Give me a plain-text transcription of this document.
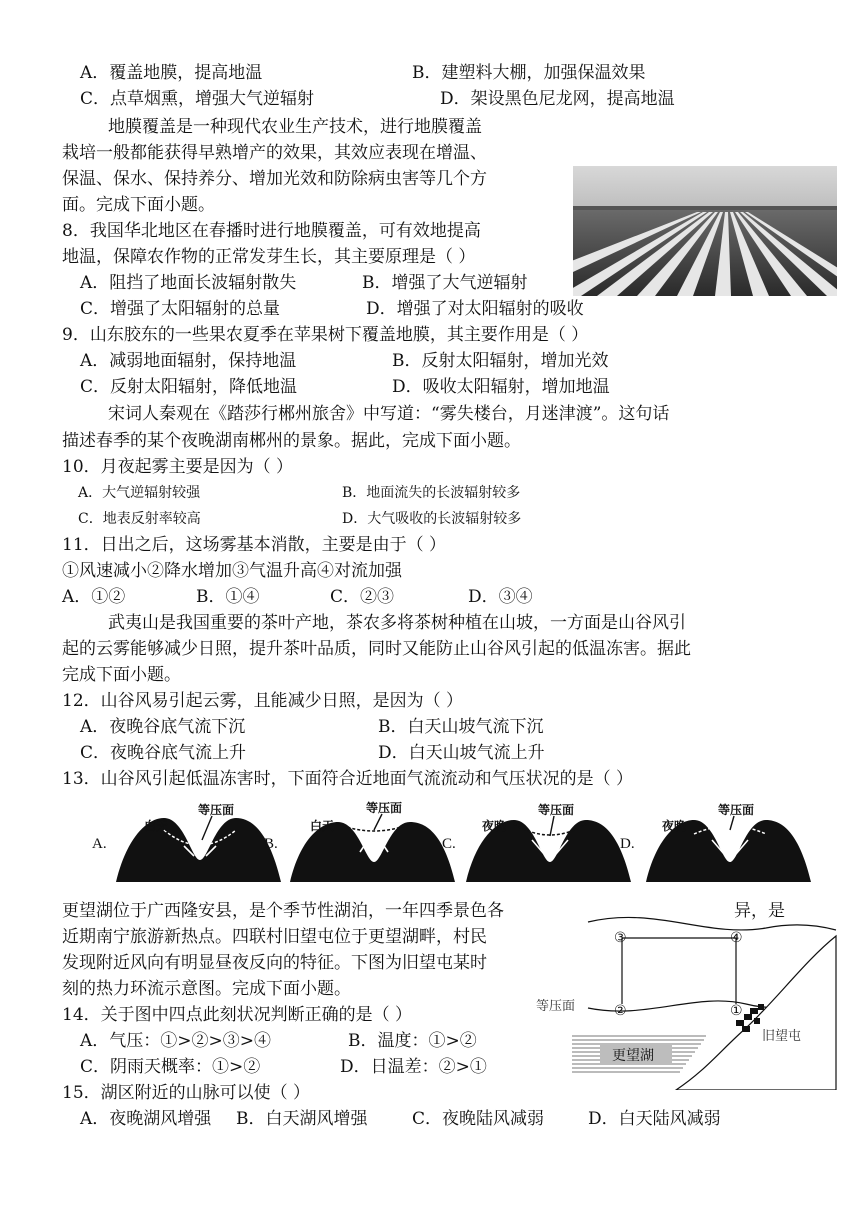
A．覆盖地膜，提高地温	B．建塑料大棚，加强保温效果
C．点草烟熏，增强大气逆辐射	D．架设黑色尼龙网，提高地温
地膜覆盖是一种现代农业生产技术，进行地膜覆盖
栽培一般都能获得早熟增产的效果，其效应表现在增温、
保温、保水、保持养分、增加光效和防除病虫害等几个方
面。完成下面小题。
8．我国华北地区在春播时进行地膜覆盖，可有效地提高
地温，保障农作物的正常发芽生长，其主要原理是（ ）
A．阻挡了地面长波辐射散失	B．增强了大气逆辐射
C．增强了太阳辐射的总量	D．增强了对太阳辐射的吸收
9．山东胶东的一些果农夏季在苹果树下覆盖地膜，其主要作用是（ ）
A．减弱地面辐射，保持地温	B．反射太阳辐射，增加光效
C．反射太阳辐射，降低地温	D．吸收太阳辐射，增加地温
宋词人秦观在《踏莎行郴州旅舍》中写道：“雾失楼台，月迷津渡”。这句话
描述春季的某个夜晚湖南郴州的景象。据此，完成下面小题。
10．月夜起雾主要是因为（ ）
A．大气逆辐射较强	B．地面流失的长波辐射较多
C．地表反射率较高	D．大气吸收的长波辐射较多
11．日出之后，这场雾基本消散，主要是由于（ ）
①风速减小②降水增加③气温升高④对流加强
A．①②	B．①④	C．②③	D．③④
武夷山是我国重要的茶叶产地，茶农多将茶树种植在山坡，一方面是山谷风引
起的云雾能够减少日照，提升茶叶品质，同时又能防止山谷风引起的低温冻害。据此
完成下面小题。
12．山谷风易引起云雾，且能减少日照，是因为（ ）
A．夜晚谷底气流下沉	B．白天山坡气流下沉
C．夜晚谷底气流上升	D．白天山坡气流上升
13．山谷风引起低温冻害时，下面符合近地面气流流动和气压状况的是（ ）
A.
白天
等压面
B.
白天
等压面
C.
夜晚
等压面
D.
夜晚
等压面
更望湖位于广西隆安县，是个季节性湖泊，一年四季景色各	异，是
近期南宁旅游新热点。四联村旧望屯位于更望湖畔，村民
发现附近风向有明显昼夜反向的特征。下图为旧望屯某时
刻的热力环流示意图。完成下面小题。
③	④
②	①
等压面
旧望屯
更望湖
14．关于图中四点此刻状况判断正确的是（ ）
A．气压：①>②>③>④	B．温度：①>②
C．阴雨天概率：①>②	D．日温差：②>①
15．湖区附近的山脉可以使（ ）
A．夜晚湖风增强 B．白天湖风增强	C．夜晚陆风减弱	D．白天陆风减弱
